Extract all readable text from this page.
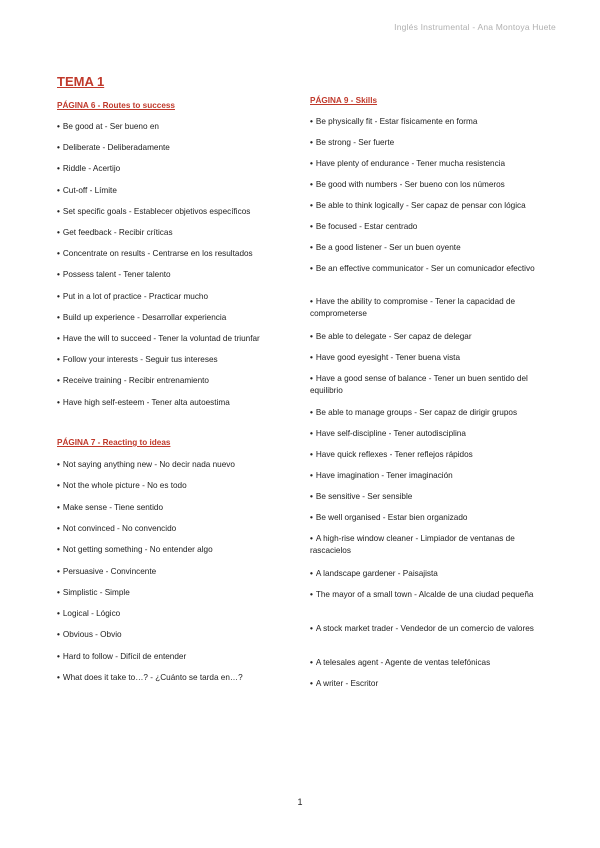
Inglés Instrumental - Ana Montoya Huete
TEMA 1
PÁGINA 6 - Routes to success
• Be good at - Ser bueno en
• Deliberate - Deliberadamente
• Riddle - Acertijo
• Cut-off - Límite
• Set specific goals - Establecer objetivos específicos
• Get feedback - Recibir críticas
• Concentrate on results - Centrarse en los resultados
• Possess talent - Tener talento
• Put in a lot of practice - Practicar mucho
• Build up experience - Desarrollar experiencia
• Have the will to succeed - Tener la voluntad de triunfar
• Follow your interests - Seguir tus intereses
• Receive training - Recibir entrenamiento
• Have high self-esteem - Tener alta autoestima
PÁGINA 7 - Reacting to ideas
• Not saying anything new - No decir nada nuevo
• Not the whole picture - No es todo
• Make sense - Tiene sentido
• Not convinced - No convencido
• Not getting something - No entender algo
• Persuasive - Convincente
• Simplistic - Simple
• Logical - Lógico
• Obvious - Obvio
• Hard to follow - Difícil de entender
• What does it take to…? - ¿Cuánto se tarda en…?
PÁGINA 9 - Skills
• Be physically fit - Estar físicamente en forma
• Be strong - Ser fuerte
• Have plenty of endurance - Tener mucha resistencia
• Be good with numbers - Ser bueno con los números
• Be able to think logically - Ser capaz de pensar con lógica
• Be focused - Estar centrado
• Be a good listener - Ser un buen oyente
• Be an effective communicator - Ser un comunicador efectivo
• Have the ability to compromise - Tener la capacidad de comprometerse
• Be able to delegate - Ser capaz de delegar
• Have good eyesight - Tener buena vista
• Have a good sense of balance - Tener un buen sentido del equilibrio
• Be able to manage groups - Ser capaz de dirigir grupos
• Have self-discipline - Tener autodisciplina
• Have quick reflexes - Tener reflejos rápidos
• Have imagination - Tener imaginación
• Be sensitive - Ser sensible
• Be well organised - Estar bien organizado
• A high-rise window cleaner - Limpiador de ventanas de rascacielos
• A landscape gardener - Paisajista
• The mayor of a small town - Alcalde de una ciudad pequeña
• A stock market trader - Vendedor de un comercio de valores
• A telesales agent - Agente de ventas telefónicas
• A writer - Escritor
1
